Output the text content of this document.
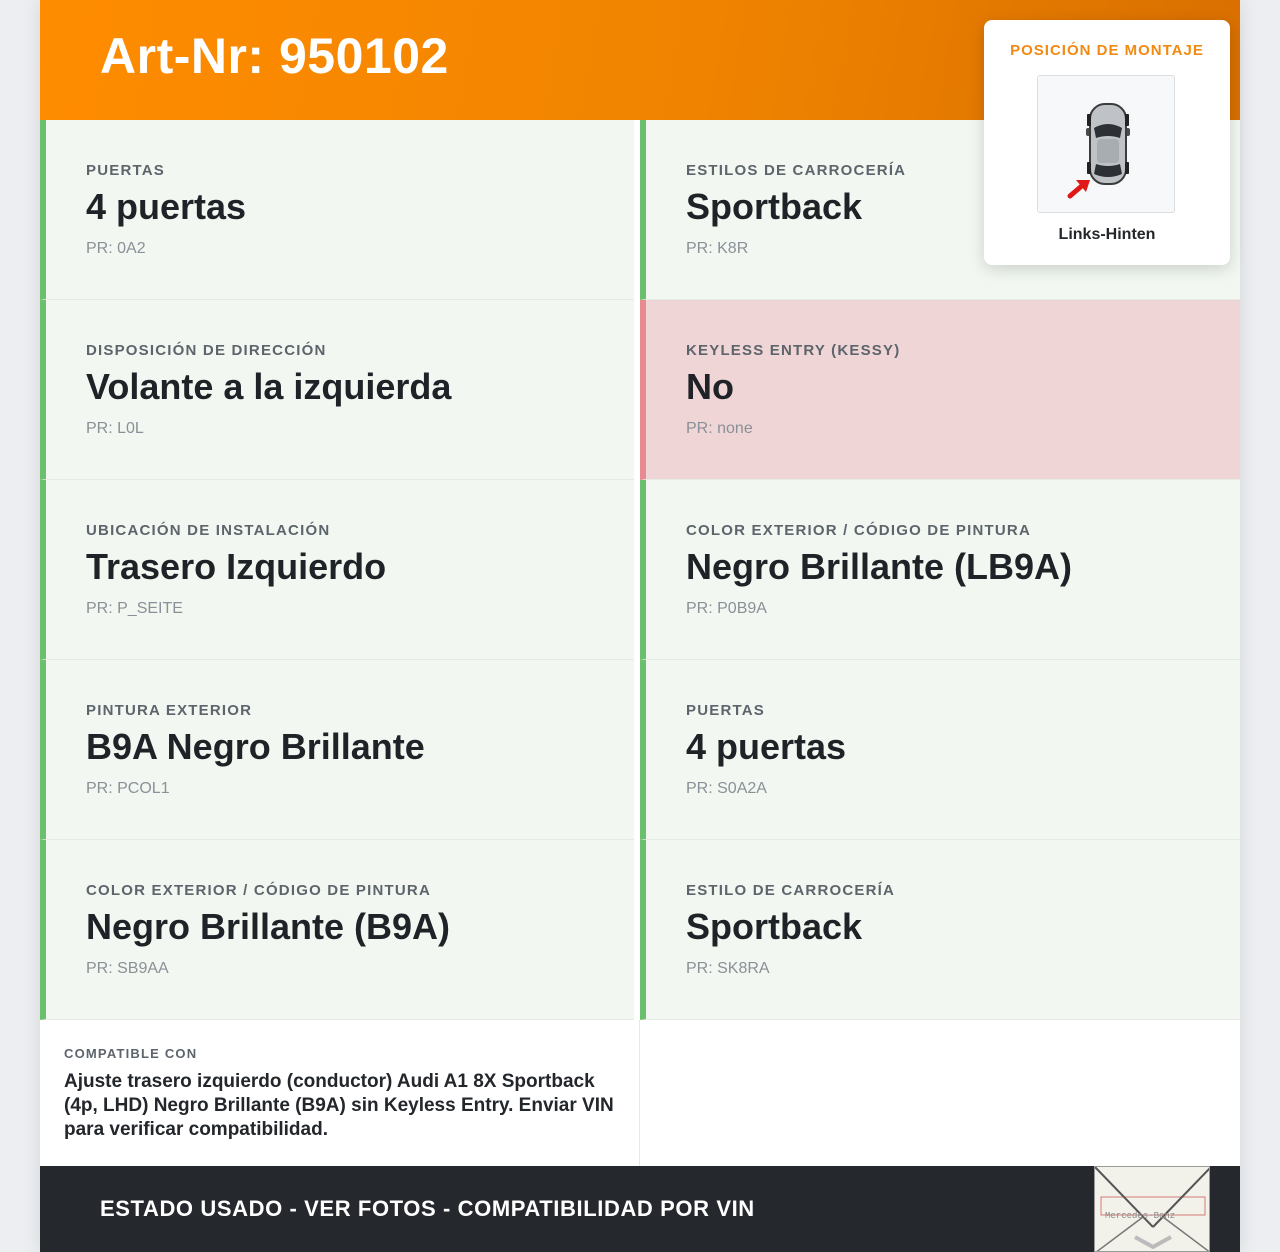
Art-Nr: 950102
PUERTAS
4 puertas
PR: 0A2
ESTILOS DE CARROCERÍA
Sportback
PR: K8R
DISPOSICIÓN DE DIRECCIÓN
Volante a la izquierda
PR: L0L
KEYLESS ENTRY (KESSY)
No
PR: none
UBICACIÓN DE INSTALACIÓN
Trasero Izquierdo
PR: P_SEITE
COLOR EXTERIOR / CÓDIGO DE PINTURA
Negro Brillante (LB9A)
PR: P0B9A
PINTURA EXTERIOR
B9A Negro Brillante
PR: PCOL1
PUERTAS
4 puertas
PR: S0A2A
COLOR EXTERIOR / CÓDIGO DE PINTURA
Negro Brillante (B9A)
PR: SB9AA
ESTILO DE CARROCERÍA
Sportback
PR: SK8RA
COMPATIBLE CON
Ajuste trasero izquierdo (conductor) Audi A1 8X Sportback (4p, LHD) Negro Brillante (B9A) sin Keyless Entry. Enviar VIN para verificar compatibilidad.
ESTADO USADO - VER FOTOS - COMPATIBILIDAD POR VIN	Mercedes-Benz
POSICIÓN DE MONTAJE
Links-Hinten
